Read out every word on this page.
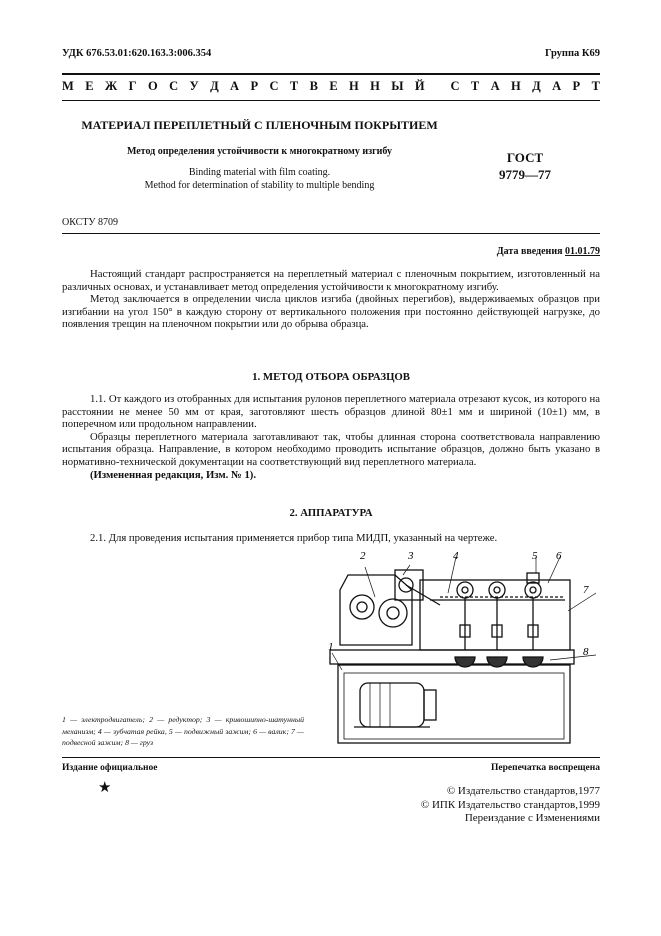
УДК 676.53.01:620.163.3:006.354	Группа К69
М Е Ж Г О С У Д А Р С Т В Е Н Н Ы Й
С Т А Н Д А Р Т
МАТЕРИАЛ ПЕРЕПЛЕТНЫЙ С ПЛЕНОЧНЫМ ПОКРЫТИЕМ
Метод определения устойчивости к многократному изгибу
Binding material with film coating.
Method for determination of stability to multiple bending
ГОСТ
9779—77
ОКСТУ 8709
Дата введения 01.01.79

Настоящий стандарт распространяется на переплетный материал с пленочным покрытием, изготовленный на различных основах, и устанавливает метод определения устойчивости к многократному изгибу.

Метод заключается в определении числа циклов изгиба (двойных перегибов), выдерживаемых образцов при изгибании на угол 150° в каждую сторону от вертикального положения при постоянно действующей нагрузке, до появления трещин на пленочном покрытии или до обрыва образца.

1. МЕТОД ОТБОРА ОБРАЗЦОВ

1.1. От каждого из отобранных для испытания рулонов переплетного материала отрезают кусок, из которого на расстоянии не менее 50 мм от края, заготовляют шесть образцов длиной 80±1 мм и шириной (10±1) мм, в поперечном или продольном направлении.

Образцы переплетного материала заготавливают так, чтобы длинная сторона соответствовала направлению испытания образца. Направление, в котором необходимо проводить испытание образцов, должно быть указано в нормативно-технической документации на соответствующий вид переплетного материала.

(Измененная редакция, Изм. № 1).

2. АППАРАТУРА

2.1. Для проведения испытания применяется прибор типа МИДП, указанный на чертеже.

1
2	3	4	5 6
7
8
1 — электродвигатель; 2 — редуктор; 3 — кривошипно-шатунный механизм; 4 — зубчатая рейка, 5 — подвижный зажим; 6 — валик; 7 — подвесной зажим; 8 — груз
Издание официальное	Перепечатка воспрещена
★	© Издательство стандартов,1977
© ИПК Издательство стандартов,1999
Переиздание с Изменениями
